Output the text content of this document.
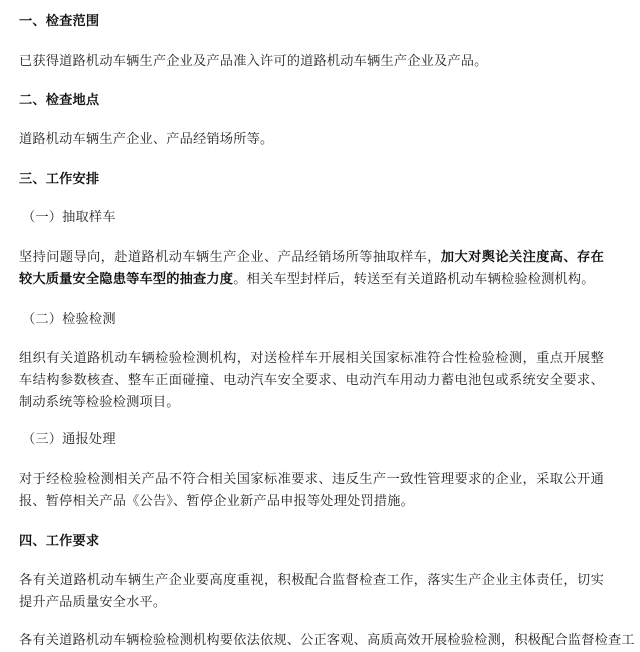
一、检查范围
已获得道路机动车辆生产企业及产品准入许可的道路机动车辆生产企业及产品。
二、检查地点
道路机动车辆生产企业、产品经销场所等。
三、工作安排
（一）抽取样车
坚持问题导向，赴道路机动车辆生产企业、产品经销场所等抽取样车，加大对舆论关注度高、存在较大质量安全隐患等车型的抽查力度。相关车型封样后，转送至有关道路机动车辆检验检测机构。
（二）检验检测
组织有关道路机动车辆检验检测机构，对送检样车开展相关国家标准符合性检验检测，重点开展整车结构参数核查、整车正面碰撞、电动汽车安全要求、电动汽车用动力蓄电池包或系统安全要求、制动系统等检验检测项目。
（三）通报处理
对于经检验检测相关产品不符合相关国家标准要求、违反生产一致性管理要求的企业，采取公开通报、暂停相关产品《公告》、暂停企业新产品申报等处理处罚措施。
四、工作要求
各有关道路机动车辆生产企业要高度重视，积极配合监督检查工作，落实生产企业主体责任，切实提升产品质量安全水平。
各有关道路机动车辆检验检测机构要依法依规、公正客观、高质高效开展检验检测，积极配合监督检查工
